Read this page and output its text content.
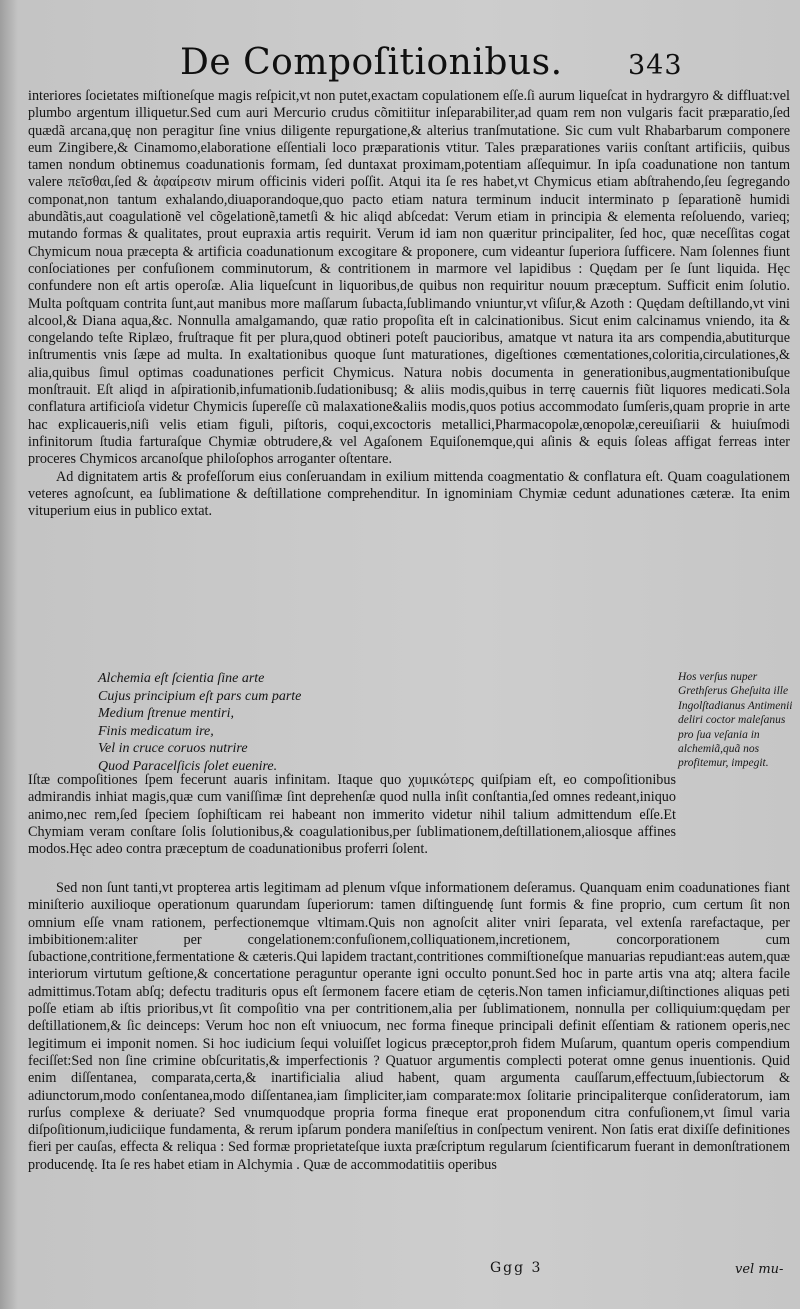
De Compoſitionibus. 343

interiores ſocietates miſtioneſque magis reſpicit,vt non putet,exactam copulationem eſſe.ſi aurum liqueſcat in hydrargyro & diffluat:vel plumbo argentum illiquetur.Sed cum auri Mercurio crudus cõmitiitur inſeparabiliter,ad quam rem non vulgaris facit præparatio,ſed quædã arcana,quę non peragitur ſine vnius diligente repurgatione,& alterius tranſmutatione. Sic cum vult Rhabarbarum componere eum Zingibere,& Cinamomo,elaboratione eſſentiali loco præparationis vtitur. Tales præparationes variis conſtant artificiis, quibus tamen nondum obtinemus coadunationis formam, ſed duntaxat proximam,potentiam aſſequimur. In ipſa coadunatione non tantum valere πεῖσθαι,ſed & ἀφαίρεσιν mirum officinis videri poſſit. Atqui ita ſe res habet,vt Chymicus etiam abſtrahendo,ſeu ſegregando componat,non tantum exhalando,diuaporandoque,quo pacto etiam natura terminum inducit interminato p ſeparationẽ humidi abundãtis,aut coagulationẽ vel cõgelationẽ,tametſi & hic aliqd abſcedat: Verum etiam in principia & elementa reſoluendo, varieq; mutando formas & qualitates, prout eupraxia artis requirit. Verum id iam non quæritur principaliter, ſed hoc, quæ neceſſitas cogat Chymicum noua præcepta & artificia coadunationum excogitare & proponere, cum videantur ſuperiora ſufficere. Nam ſolennes fiunt conſociationes per confuſionem comminutorum, & contritionem in marmore vel lapidibus : Quędam per ſe ſunt liquida. Hęc confundere non eſt artis operoſæ. Alia liqueſcunt in liquoribus,de quibus non requiritur nouum præceptum. Sufficit enim ſolutio. Multa poſtquam contrita ſunt,aut manibus more maſſarum ſubacta,ſublimando vniuntur,vt vſiſur,& Azoth : Quędam deſtillando,vt vini alcool,& Diana aqua,&c. Nonnulla amalgamando, quæ ratio propoſita eſt in calcinationibus. Sicut enim calcinamus vniendo, ita & congelando teſte Riplæo, fruſtraque fit per plura,quod obtineri poteſt paucioribus, amatque vt natura ita ars compendia,abutiturque inſtrumentis vnis ſæpe ad multa. In exaltationibus quoque ſunt maturationes, digeſtiones cœmentationes,coloritia,circulationes,& alia,quibus ſimul optimas coadunationes perficit Chymicus. Natura nobis documenta in generationibus,augmentationibuſque monſtrauit. Eſt aliqd in aſpirationib,infumationib.ſudationibusq; & aliis modis,quibus in terrę cauernis fiũt liquores medicati.Sola conflatura artificioſa videtur Chymicis ſupereſſe cũ malaxatione&aliis modis,quos potius accommodato ſumſeris,quam proprie in arte hac explicaueris,niſi velis etiam figuli, piſtoris, coqui,excoctoris metallici,Pharmacopolæ,œnopolæ,cereuiſiarii & huiuſmodi infinitorum ſtudia farturaſque Chymiæ obtrudere,& vel Agaſonem Equiſonemque,qui aſinis & equis ſoleas affigat ferreas inter proceres Chymicos arcanoſque philoſophos arroganter oſtentare.

Ad dignitatem artis & profeſſorum eius conſeruandam in exilium mittenda coagmentatio & conflatura eſt. Quam coagulationem veteres agnoſcunt, ea ſublimatione & deſtillatione comprehenditur. In ignominiam Chymiæ cedunt adunationes cæteræ. Ita enim vituperium eius in publico extat.

Alchemia eſt ſcientia ſine arte
Cujus principium eſt pars cum parte
Medium ſtrenue mentiri,
Finis medicatum ire,
Vel in cruce coruos nutrire
Quod Paracelſicis ſolet euenire.
Hos verſus nuper Grethſerus Gheſuita ille Ingolſtadianus Antimenii deliri coctor maleſanus pro ſua veſania in alchemiã,quã nos profitemur, impegit.

Iſtæ compoſitiones ſpem fecerunt auaris infinitam. Itaque quo χυμικώτερς quiſpiam eſt, eo compoſitionibus admirandis inhiat magis,quæ cum vaniſſimæ ſint deprehenſæ quod nulla inſit conſtantia,ſed omnes redeant,iniquo animo,nec rem,ſed ſpeciem ſophiſticam rei habeant non immerito videtur nihil talium admittendum eſſe.Et Chymiam veram conſtare ſolis ſolutionibus,& coagulationibus,per ſublimationem,deſtillationem,aliosque affines modos.Hęc adeo contra præceptum de coadunationibus proferri ſolent.

Sed non ſunt tanti,vt propterea artis legitimam ad plenum vſque informationem deſeramus. Quanquam enim coadunationes fiant miniſterio auxilioque operationum quarundam ſuperiorum: tamen diſtinguendę ſunt formis & fine proprio, cum certum ſit non omnium eſſe vnam rationem, perfectionemque vltimam.Quis non agnoſcit aliter vniri ſeparata, vel extenſa rarefactaque, per imbibitionem:aliter per congelationem:confuſionem,colliquationem,incretionem, concorporationem cum ſubactione,contritione,fermentatione & cæteris.Qui lapidem tractant,contritiones commiſtioneſque manuarias repudiant:eas autem,quæ interiorum virtutum geſtione,& concertatione peraguntur operante igni occulto ponunt.Sed hoc in parte artis vna atq; altera facile admittimus.Totam abſq; defectu tradituris opus eſt ſermonem facere etiam de cęteris.Non tamen inficiamur,diſtinctiones aliquas peti poſſe etiam ab iſtis prioribus,vt ſit compoſitio vna per contritionem,alia per ſublimationem, nonnulla per colliquium:quędam per deſtillationem,& ſic deinceps: Verum hoc non eſt vniuocum, nec forma fineque principali definit eſſentiam & rationem operis,nec legitimum ei imponit nomen. Si hoc iudicium ſequi voluiſſet logicus præceptor,proh fidem Muſarum, quantum operis compendium feciſſet:Sed non ſine crimine obſcuritatis,& imperfectionis ? Quatuor argumentis complecti poterat omne genus inuentionis. Quid enim diſſentanea, comparata,certa,& inartificialia aliud habent, quam argumenta cauſſarum,effectuum,ſubiectorum & adiunctorum,modo conſentanea,modo diſſentanea,iam ſimpliciter,iam comparate:mox ſolitarie principaliterque conſideratorum, iam rurſus complexe & deriuate? Sed vnumquodque propria forma fineque erat proponendum citra confuſionem,vt ſimul varia diſpoſitionum,iudiciique fundamenta, & rerum ipſarum pondera maniſeſtius in conſpectum venirent. Non ſatis erat dixiſſe definitiones fieri per cauſas, effecta & reliqua : Sed formæ proprietateſque iuxta præſcriptum regularum ſcientificarum fuerant in demonſtrationem producendę. Ita ſe res habet etiam in Alchymia . Quæ de accommodatitiis operibus

Ggg 3	vel mu-
